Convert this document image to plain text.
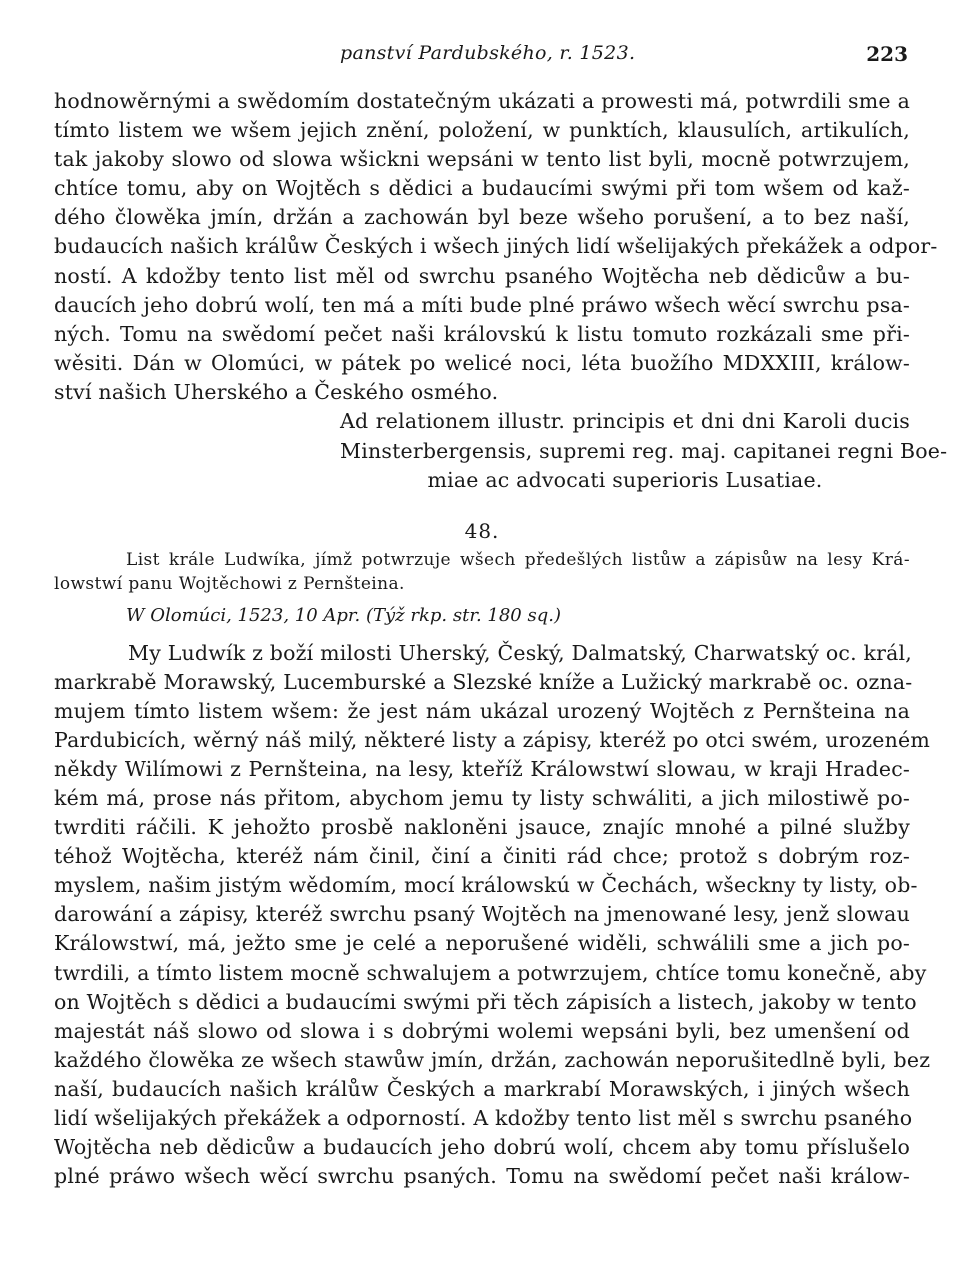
panství Pardubského, r. 1523.	223
hodnowěrnými a swědomím dostatečným ukázati a prowesti má, potwrdili sme a
tímto listem we wšem jejich znění, položení, w punktích, klausulích, artikulích,
tak jakoby slowo od slowa wšickni wepsáni w tento list byli, mocně potwrzujem,
chtíce tomu, aby on Wojtěch s dědici a budaucími swými při tom wšem od kaž-
dého člowěka jmín, držán a zachowán byl beze wšeho porušení, a to bez naší,
budaucích našich králůw Českých i wšech jiných lidí wšelijakých překážek a odpor-
ností. A kdožby tento list měl od swrchu psaného Wojtěcha neb dědicůw a bu-
daucích jeho dobrú wolí, ten má a míti bude plné práwo wšech wěcí swrchu psa-
ných. Tomu na swědomí pečet naši královskú k listu tomuto rozkázali sme při-
wěsiti. Dán w Olomúci, w pátek po welicé noci, léta buožího MDXXIII, králow-
ství našich Uherského a Českého osmého.
Ad relationem illustr. principis et dni dni Karoli ducis
Minsterbergensis, supremi reg. maj. capitanei regni Boe-
miae ac advocati superioris Lusatiae.
48.
List krále Ludwíka, jímž potwrzuje wšech předešlých listůw a zápisůw na lesy Krá-
lowstwí panu Wojtěchowi z Pernšteina.
W Olomúci, 1523, 10 Apr. (Týž rkp. str. 180 sq.)
My Ludwík z boží milosti Uherský, Český, Dalmatský, Charwatský oc. král,
markrabě Morawský, Lucemburské a Slezské kníže a Lužický markrabě oc. ozna-
mujem tímto listem wšem: že jest nám ukázal urozený Wojtěch z Pernšteina na
Pardubicích, wěrný náš milý, některé listy a zápisy, kteréž po otci swém, urozeném
někdy Wilímowi z Pernšteina, na lesy, kteříž Králowstwí slowau, w kraji Hradec-
kém má, prose nás přitom, abychom jemu ty listy schwáliti, a jich milostiwě po-
twrditi ráčili. K jehožto prosbě nakloněni jsauce, znajíc mnohé a pilné služby
téhož Wojtěcha, kteréž nám činil, činí a činiti rád chce; protož s dobrým roz-
myslem, našim jistým wědomím, mocí králowskú w Čechách, wšeckny ty listy, ob-
darowání a zápisy, kteréž swrchu psaný Wojtěch na jmenowané lesy, jenž slowau
Králowstwí, má, ježto sme je celé a neporušené widěli, schwálili sme a jich po-
twrdili, a tímto listem mocně schwalujem a potwrzujem, chtíce tomu konečně, aby
on Wojtěch s dědici a budaucími swými při těch zápisích a listech, jakoby w tento
majestát náš slowo od slowa i s dobrými wolemi wepsáni byli, bez umenšení od
každého člowěka ze wšech stawůw jmín, držán, zachowán neporušitedlně byli, bez
naší, budaucích našich králůw Českých a markrabí Morawských, i jiných wšech
lidí wšelijakých překážek a odporností. A kdožby tento list měl s swrchu psaného
Wojtěcha neb dědicůw a budaucích jeho dobrú wolí, chcem aby tomu příslušelo
plné práwo wšech wěcí swrchu psaných. Tomu na swědomí pečet naši králow-
